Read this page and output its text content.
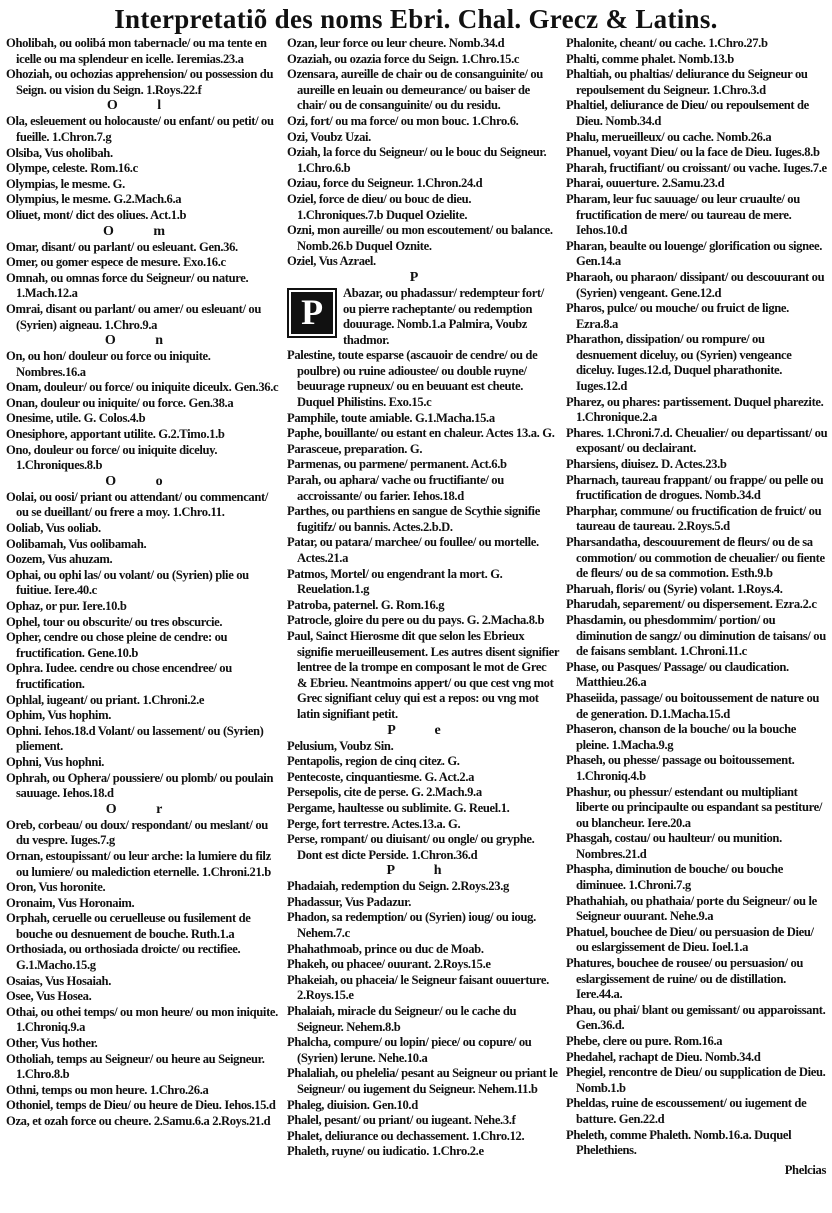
Interpretatiõ des noms Ebri. Chal. Grecz & Latins.

Oholibah, ou oolibá mon tabernacle/ ou ma tente en icelle ou ma splendeur en icelle. Ieremias.23.a

Ohoziah, ou ochozias apprehension/ ou possession du Seign. ou vision du Seign. 1.Roys.22.f

O l

Ola, esleuement ou holocauste/ ou enfant/ ou petit/ ou fueille. 1.Chron.7.g

Olsiba, Vus oholibah.

Olympe, celeste. Rom.16.c

Olympias, le mesme. G.

Olympius, le mesme. G.2.Mach.6.a

Oliuet, mont/ dict des oliues. Act.1.b

O m

Omar, disant/ ou parlant/ ou esleuant. Gen.36.

Omer, ou gomer espece de mesure. Exo.16.c

Omnah, ou omnas force du Seigneur/ ou nature. 1.Mach.12.a

Omrai, disant ou parlant/ ou amer/ ou esleuant/ ou (Syrien) aigneau. 1.Chro.9.a

O n

On, ou hon/ douleur ou force ou iniquite. Nombres.16.a

Onam, douleur/ ou force/ ou iniquite diceulx. Gen.36.c

Onan, douleur ou iniquite/ ou force. Gen.38.a

Onesime, utile. G. Colos.4.b

Onesiphore, apportant utilite. G.2.Timo.1.b

Ono, douleur ou force/ ou iniquite diceluy. 1.Chroniques.8.b

O o

Oolai, ou oosi/ priant ou attendant/ ou commencant/ ou se dueillant/ ou frere a moy. 1.Chro.11.

Ooliab, Vus ooliab.

Oolibamah, Vus oolibamah.

Oozem, Vus ahuzam.

Ophai, ou ophi las/ ou volant/ ou (Syrien) plie ou fuitiue. Iere.40.c

Ophaz, or pur. Iere.10.b

Ophel, tour ou obscurite/ ou tres obscurcie.

Opher, cendre ou chose pleine de cendre: ou fructification. Gene.10.b

Ophra. Iudee. cendre ou chose encendree/ ou fructification.

Ophlal, iugeant/ ou priant. 1.Chroni.2.e

Ophim, Vus hophim.

Ophni. Iehos.18.d Volant/ ou lassement/ ou (Syrien) pliement.

Ophni, Vus hophni.

Ophrah, ou Ophera/ poussiere/ ou plomb/ ou poulain sauuage. Iehos.18.d

O r

Oreb, corbeau/ ou doux/ respondant/ ou meslant/ ou du vespre. Iuges.7.g

Ornan, estoupissant/ ou leur arche: la lumiere du filz ou lumiere/ ou malediction eternelle. 1.Chroni.21.b

Oron, Vus horonite.

Oronaim, Vus Horonaim.

Orphah, ceruelle ou ceruelleuse ou fusilement de bouche ou desnuement de bouche. Ruth.1.a

Orthosiada, ou orthosiada droicte/ ou rectifiee. G.1.Macho.15.g

Osaias, Vus Hosaiah.

Osee, Vus Hosea.

Othai, ou othei temps/ ou mon heure/ ou mon iniquite. 1.Chroniq.9.a

Other, Vus hother.

Otholiah, temps au Seigneur/ ou heure au Seigneur. 1.Chro.8.b

Othni, temps ou mon heure. 1.Chro.26.a

Othoniel, temps de Dieu/ ou heure de Dieu. Iehos.15.d

Oza, et ozah force ou cheure. 2.Samu.6.a 2.Roys.21.d

Ozan, leur force ou leur cheure. Nomb.34.d

Ozaziah, ou ozazia force du Seign. 1.Chro.15.c

Ozensara, aureille de chair ou de consanguinite/ ou aureille en leuain ou demeurance/ ou baiser de chair/ ou de consanguinite/ ou du residu.

Ozi, fort/ ou ma force/ ou mon bouc. 1.Chro.6.

Ozi, Voubz Uzai.

Oziah, la force du Seigneur/ ou le bouc du Seigneur. 1.Chro.6.b

Oziau, force du Seigneur. 1.Chron.24.d

Oziel, force de dieu/ ou bouc de dieu. 1.Chroniques.7.b Duquel Ozielite.

Ozni, mon aureille/ ou mon escoutement/ ou balance. Nomb.26.b Duquel Oznite.

Oziel, Vus Azrael.

P

P	Abazar, ou phadassur/ redempteur fort/ ou pierre racheptante/ ou redemption douurage. Nomb.1.a Palmira, Voubz thadmor.

Palestine, toute esparse (ascauoir de cendre/ ou de poulbre) ou ruine adioustee/ ou double ruyne/ beuurage rupneux/ ou en beuuant est cheute. Duquel Philistins. Exo.15.c

Pamphile, toute amiable. G.1.Macha.15.a

Paphe, bouillante/ ou estant en chaleur. Actes 13.a. G.

Parasceue, preparation. G.

Parmenas, ou parmene/ permanent. Act.6.b

Parah, ou aphara/ vache ou fructifiante/ ou accroissante/ ou farier. Iehos.18.d

Parthes, ou parthiens en sangue de Scythie signifie fugitifz/ ou bannis. Actes.2.b.D.

Patar, ou patara/ marchee/ ou foullee/ ou mortelle. Actes.21.a

Patmos, Mortel/ ou engendrant la mort. G. Reuelation.1.g

Patroba, paternel. G. Rom.16.g

Patrocle, gloire du pere ou du pays. G. 2.Macha.8.b

Paul, Sainct Hierosme dit que selon les Ebrieux signifie merueilleusement. Les autres disent signifier lentree de la trompe en composant le mot de Grec & Ebrieu. Neantmoins appert/ ou que cest vng mot Grec signifiant celuy qui est a repos: ou vng mot latin signifiant petit.

P e

Pelusium, Voubz Sin.

Pentapolis, region de cinq citez. G.

Pentecoste, cinquantiesme. G. Act.2.a

Persepolis, cite de perse. G. 2.Mach.9.a

Pergame, haultesse ou sublimite. G. Reuel.1.

Perge, fort terrestre. Actes.13.a. G.

Perse, rompant/ ou diuisant/ ou ongle/ ou gryphe. Dont est dicte Perside. 1.Chron.36.d

P h

Phadaiah, redemption du Seign. 2.Roys.23.g

Phadassur, Vus Padazur.

Phadon, sa redemption/ ou (Syrien) ioug/ ou ioug. Nehem.7.c

Phahathmoab, prince ou duc de Moab.

Phakeh, ou phacee/ ouurant. 2.Roys.15.e

Phakeiah, ou phaceia/ le Seigneur faisant ouuerture. 2.Roys.15.e

Phalaiah, miracle du Seigneur/ ou le cache du Seigneur. Nehem.8.b

Phalcha, compure/ ou lopin/ piece/ ou copure/ ou (Syrien) lerune. Nehe.10.a

Phalaliah, ou phelelia/ pesant au Seigneur ou priant le Seigneur/ ou iugement du Seigneur. Nehem.11.b

Phaleg, diuision. Gen.10.d

Phalel, pesant/ ou priant/ ou iugeant. Nehe.3.f

Phalet, deliurance ou dechassement. 1.Chro.12.

Phaleth, ruyne/ ou iudicatio. 1.Chro.2.e

Phalonite, cheant/ ou cache. 1.Chro.27.b

Phalti, comme phalet. Nomb.13.b

Phaltiah, ou phaltias/ deliurance du Seigneur ou repoulsement du Seigneur. 1.Chro.3.d

Phaltiel, deliurance de Dieu/ ou repoulsement de Dieu. Nomb.34.d

Phalu, merueilleux/ ou cache. Nomb.26.a

Phanuel, voyant Dieu/ ou la face de Dieu. Iuges.8.b

Pharah, fructifiant/ ou croissant/ ou vache. Iuges.7.e

Pharai, ouuerture. 2.Samu.23.d

Pharam, leur fuc sauuage/ ou leur cruaulte/ ou fructification de mere/ ou taureau de mere. Iehos.10.d

Pharan, beaulte ou louenge/ glorification ou signee. Gen.14.a

Pharaoh, ou pharaon/ dissipant/ ou descouurant ou (Syrien) vengeant. Gene.12.d

Pharos, pulce/ ou mouche/ ou fruict de ligne. Ezra.8.a

Pharathon, dissipation/ ou rompure/ ou desnuement diceluy, ou (Syrien) vengeance diceluy. Iuges.12.d, Duquel pharathonite. Iuges.12.d

Pharez, ou phares: partissement. Duquel pharezite. 1.Chronique.2.a

Phares. 1.Chroni.7.d. Cheualier/ ou departissant/ ou exposant/ ou declairant.

Pharsiens, diuisez. D. Actes.23.b

Pharnach, taureau frappant/ ou frappe/ ou pelle ou fructification de drogues. Nomb.34.d

Pharphar, commune/ ou fructification de fruict/ ou taureau de taureau. 2.Roys.5.d

Pharsandatha, descouurement de fleurs/ ou de sa commotion/ ou commotion de cheualier/ ou fiente de fleurs/ ou de sa commotion. Esth.9.b

Pharuah, floris/ ou (Syrie) volant. 1.Roys.4.

Pharudah, separement/ ou dispersement. Ezra.2.c

Phasdamin, ou phesdommim/ portion/ ou diminution de sangz/ ou diminution de taisans/ ou de faisans semblant. 1.Chroni.11.c

Phase, ou Pasques/ Passage/ ou claudication. Matthieu.26.a

Phaseiida, passage/ ou boitoussement de nature ou de generation. D.1.Macha.15.d

Phaseron, chanson de la bouche/ ou la bouche pleine. 1.Macha.9.g

Phaseh, ou phesse/ passage ou boitoussement. 1.Chroniq.4.b

Phashur, ou phessur/ estendant ou multipliant liberte ou principaulte ou espandant sa pestiture/ ou blancheur. Iere.20.a

Phasgah, costau/ ou haulteur/ ou munition. Nombres.21.d

Phaspha, diminution de bouche/ ou bouche diminuee. 1.Chroni.7.g

Phathahiah, ou phathaia/ porte du Seigneur/ ou le Seigneur ouurant. Nehe.9.a

Phatuel, bouchee de Dieu/ ou persuasion de Dieu/ ou eslargissement de Dieu. Ioel.1.a

Phatures, bouchee de rousee/ ou persuasion/ ou eslargissement de ruine/ ou de distillation. Iere.44.a.

Phau, ou phai/ blant ou gemissant/ ou apparoissant. Gen.36.d.

Phebe, clere ou pure. Rom.16.a

Phedahel, rachapt de Dieu. Nomb.34.d

Phegiel, rencontre de Dieu/ ou supplication de Dieu. Nomb.1.b

Pheldas, ruine de escoussement/ ou iugement de batture. Gen.22.d

Pheleth, comme Phaleth. Nomb.16.a. Duquel Phelethiens.

Phelcias
